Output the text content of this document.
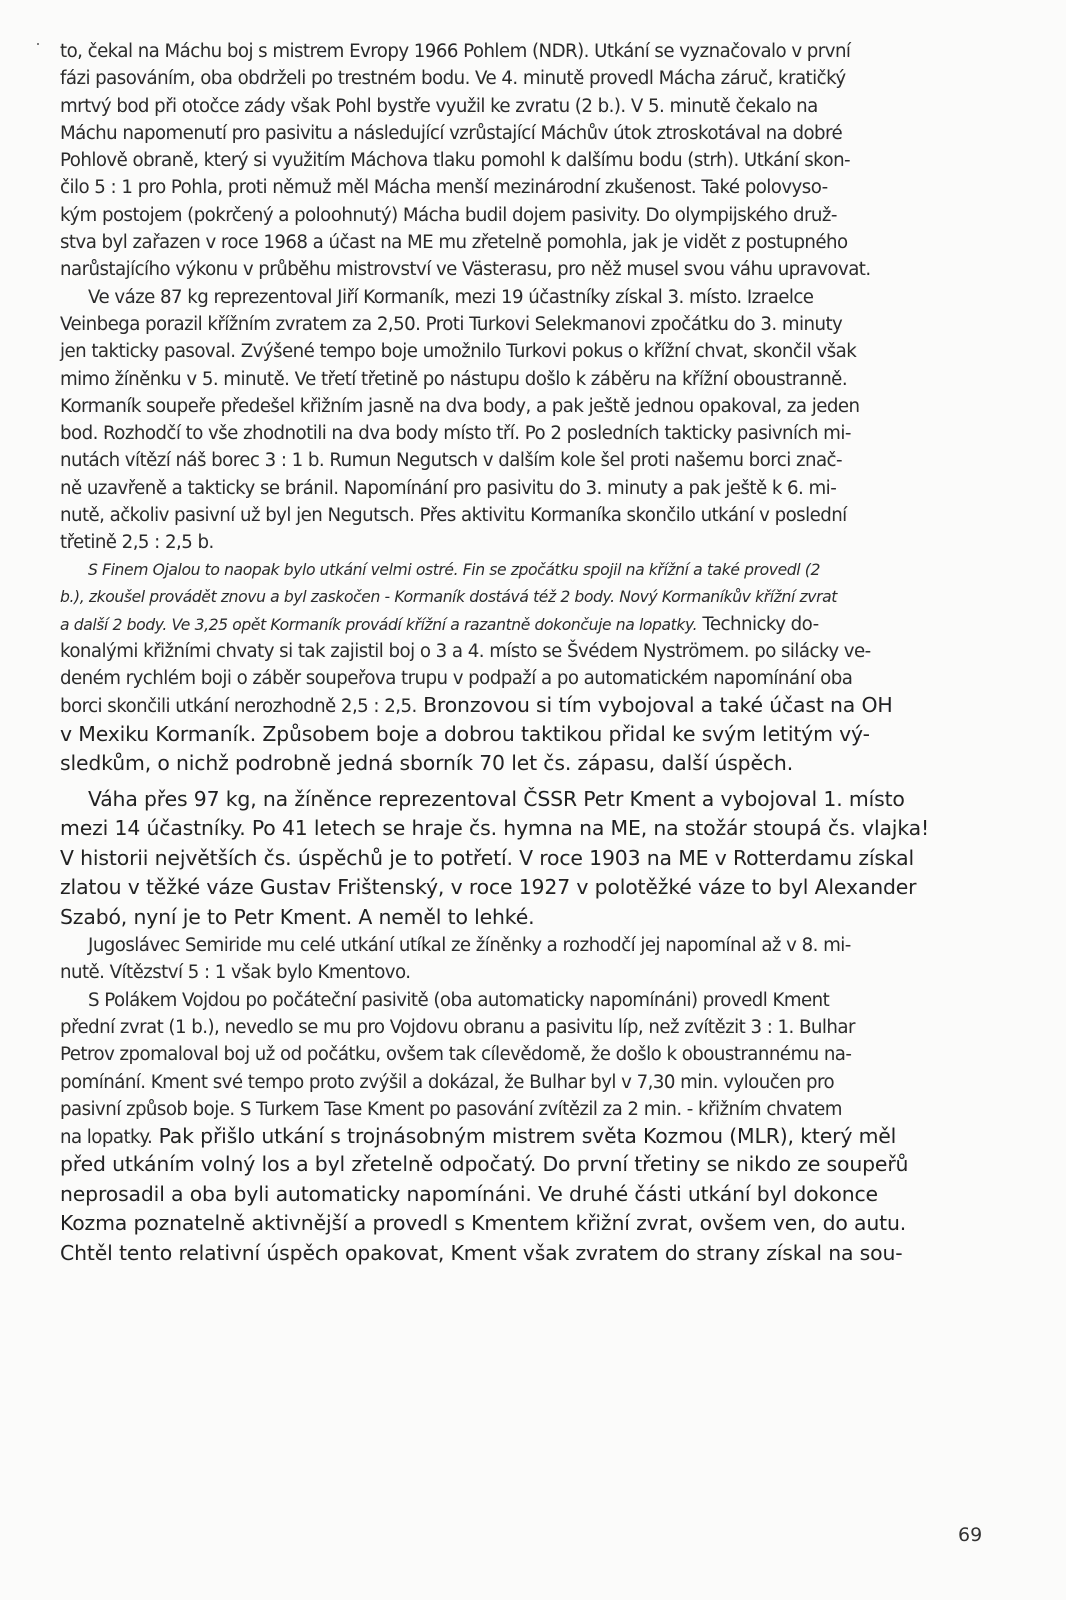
to, čekal na Máchu boj s mistrem Evropy 1966 Pohlem (NDR). Utkání se vyznačovalo v první
fázi pasováním, oba obdrželi po trestném bodu. Ve 4. minutě provedl Mácha záruč, kratičký
mrtvý bod při otočce zády však Pohl bystře využil ke zvratu (2 b.). V 5. minutě čekalo na
Máchu napomenutí pro pasivitu a následující vzrůstající Máchův útok ztroskotával na dobré
Pohlově obraně, který si využitím Máchova tlaku pomohl k dalšímu bodu (strh). Utkání skon-
čilo 5 : 1 pro Pohla, proti němuž měl Mácha menší mezinárodní zkušenost. Také polovyso-
kým postojem (pokrčený a poloohnutý) Mácha budil dojem pasivity. Do olympijského druž-
stva byl zařazen v roce 1968 a účast na ME mu zřetelně pomohla, jak je vidět z postupného
narůstajícího výkonu v průběhu mistrovství ve Västerasu, pro něž musel svou váhu upravovat.
Ve váze 87 kg reprezentoval Jiří Kormaník, mezi 19 účastníky získal 3. místo. Izraelce
Veinbega porazil křížním zvratem za 2,50. Proti Turkovi Selekmanovi zpočátku do 3. minuty
jen takticky pasoval. Zvýšené tempo boje umožnilo Turkovi pokus o křížní chvat, skončil však
mimo žíněnku v 5. minutě. Ve třetí třetině po nástupu došlo k záběru na křížní oboustranně.
Kormaník soupeře předešel křižním jasně na dva body, a pak ještě jednou opakoval, za jeden
bod. Rozhodčí to vše zhodnotili na dva body místo tří. Po 2 posledních takticky pasivních mi-
nutách vítězí náš borec 3 : 1 b. Rumun Negutsch v dalším kole šel proti našemu borci znač-
ně uzavřeně a takticky se bránil. Napomínání pro pasivitu do 3. minuty a pak ještě k 6. mi-
nutě, ačkoliv pasivní už byl jen Negutsch. Přes aktivitu Kormaníka skončilo utkání v poslední
třetině 2,5 : 2,5 b.
S Finem Ojalou to naopak bylo utkání velmi ostré. Fin se zpočátku spojil na křížní a také provedl (2
b.), zkoušel provádět znovu a byl zaskočen - Kormaník dostává též 2 body. Nový Kormaníkův křížní zvrat
a další 2 body. Ve 3,25 opět Kormaník provádí křížní a razantně dokončuje na lopatky. Technicky do-
konalými křižními chvaty si tak zajistil boj o 3 a 4. místo se Švédem Nyströmem. po silácky ve-
deném rychlém boji o záběr soupeřova trupu v podpaží a po automatickém napomínání oba
borci skončili utkání nerozhodně 2,5 : 2,5. Bronzovou si tím vybojoval a také účast na OH
v Mexiku Kormaník. Způsobem boje a dobrou taktikou přidal ke svým letitým vý-
sledkům, o nichž podrobně jedná sborník 70 let čs. zápasu, další úspěch.
Váha přes 97 kg, na žíněnce reprezentoval ČSSR Petr Kment a vybojoval 1. místo
mezi 14 účastníky. Po 41 letech se hraje čs. hymna na ME, na stožár stoupá čs. vlajka!
V historii největších čs. úspěchů je to potřetí. V roce 1903 na ME v Rotterdamu získal
zlatou v těžké váze Gustav Frištenský, v roce 1927 v polotěžké váze to byl Alexander
Szabó, nyní je to Petr Kment. A neměl to lehké.
Jugoslávec Semiride mu celé utkání utíkal ze žíněnky a rozhodčí jej napomínal až v 8. mi-
nutě. Vítězství 5 : 1 však bylo Kmentovo.
S Polákem Vojdou po počáteční pasivitě (oba automaticky napomínáni) provedl Kment
přední zvrat (1 b.), nevedlo se mu pro Vojdovu obranu a pasivitu líp, než zvítězit 3 : 1. Bulhar
Petrov zpomaloval boj už od počátku, ovšem tak cílevědomě, že došlo k oboustrannému na-
pomínání. Kment své tempo proto zvýšil a dokázal, že Bulhar byl v 7,30 min. vyloučen pro
pasivní způsob boje. S Turkem Tase Kment po pasování zvítězil za 2 min. - křižním chvatem
na lopatky. Pak přišlo utkání s trojnásobným mistrem světa Kozmou (MLR), který měl
před utkáním volný los a byl zřetelně odpočatý. Do první třetiny se nikdo ze soupeřů
neprosadil a oba byli automaticky napomínáni. Ve druhé části utkání byl dokonce
Kozma poznatelně aktivnější a provedl s Kmentem křižní zvrat, ovšem ven, do autu.
Chtěl tento relativní úspěch opakovat, Kment však zvratem do strany získal na sou-
69
